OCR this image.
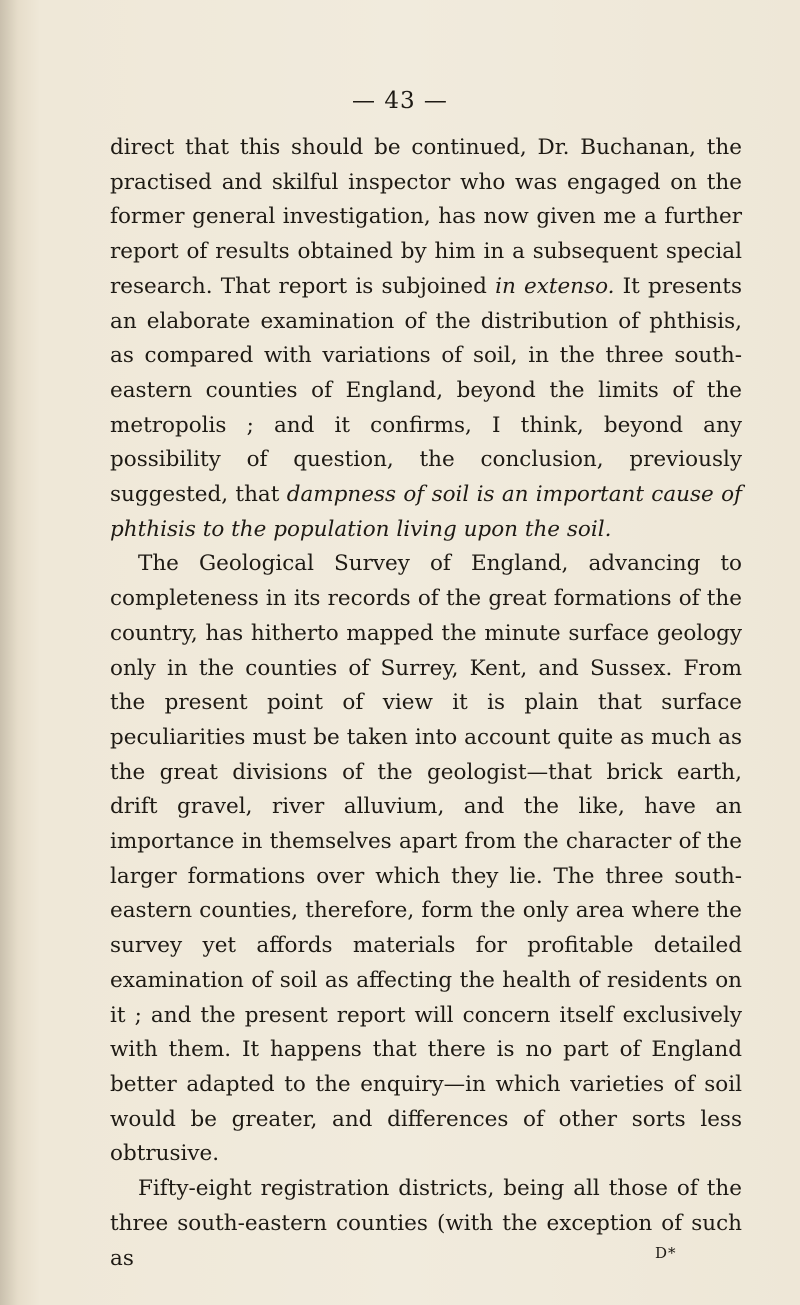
— 43 —

direct that this should be continued, Dr. Buchanan, the practised and skilful inspector who was engaged on the former general investigation, has now given me a further report of results obtained by him in a subsequent special research. That report is subjoined in extenso. It presents an elaborate examination of the distribution of phthisis, as compared with variations of soil, in the three south-eastern counties of England, beyond the limits of the metropolis ; and it confirms, I think, beyond any possibility of question, the conclusion, previously suggested, that dampness of soil is an important cause of phthisis to the population living upon the soil.

The Geological Survey of England, advancing to completeness in its records of the great formations of the country, has hitherto mapped the minute surface geology only in the counties of Surrey, Kent, and Sussex. From the present point of view it is plain that surface peculiarities must be taken into account quite as much as the great divisions of the geologist—that brick earth, drift gravel, river alluvium, and the like, have an importance in themselves apart from the character of the larger formations over which they lie. The three south-eastern counties, therefore, form the only area where the survey yet affords materials for profitable detailed examination of soil as affecting the health of residents on it ; and the present report will concern itself exclusively with them. It happens that there is no part of England better adapted to the enquiry—in which varieties of soil would be greater, and differences of other sorts less obtrusive.

Fifty-eight registration districts, being all those of the three south-eastern counties (with the exception of such as	D*
